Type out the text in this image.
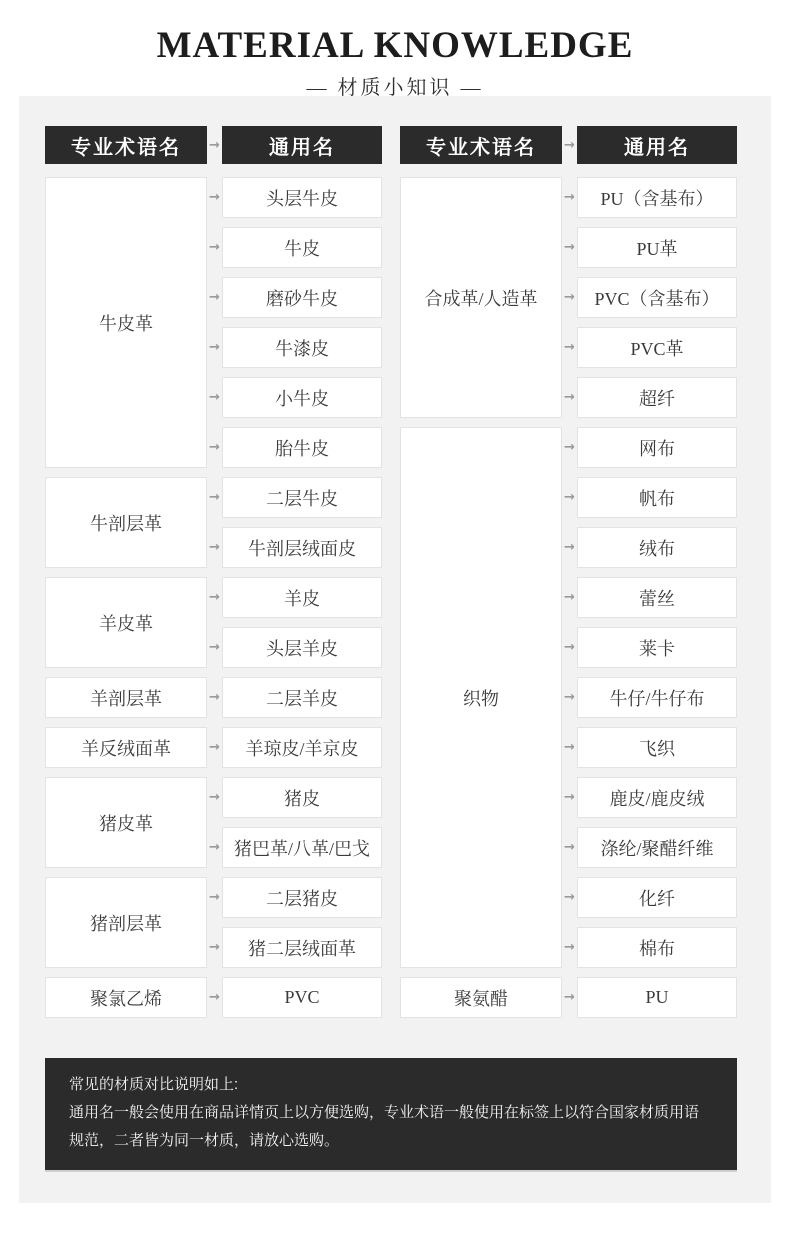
MATERIAL KNOWLEDGE
— 材质小知识 —
专业术语名	→	通用名
牛皮革
→	头层牛皮
→	牛皮
→	磨砂牛皮
→	牛漆皮
→	小牛皮
→	胎牛皮
牛剖层革
→	二层牛皮
→	牛剖层绒面皮
羊皮革
→	羊皮
→	头层羊皮
羊剖层革	→	二层羊皮
羊反绒面革	→	羊琼皮/羊京皮
猪皮革
→	猪皮
→ 猪巴革/八革/巴戈
猪剖层革
→	二层猪皮
→	猪二层绒面革
聚氯乙烯	→	PVC
专业术语名	→	通用名
合成革/人造革
→	PU（含基布）
→	PU革
→	PVC（含基布）
→	PVC革
→	超纤
织物
→	网布
→	帆布
→	绒布
→	蕾丝
→	莱卡
→	牛仔/牛仔布
→	飞织
→	鹿皮/鹿皮绒
→	涤纶/聚醋纤维
→	化纤
→	棉布
聚氨醋	→	PU

常见的材质对比说明如上:

通用名一般会使用在商品详情页上以方便选购，专业术语一般使用在标签上以符合国家材质用语规范，二者皆为同一材质，请放心选购。
